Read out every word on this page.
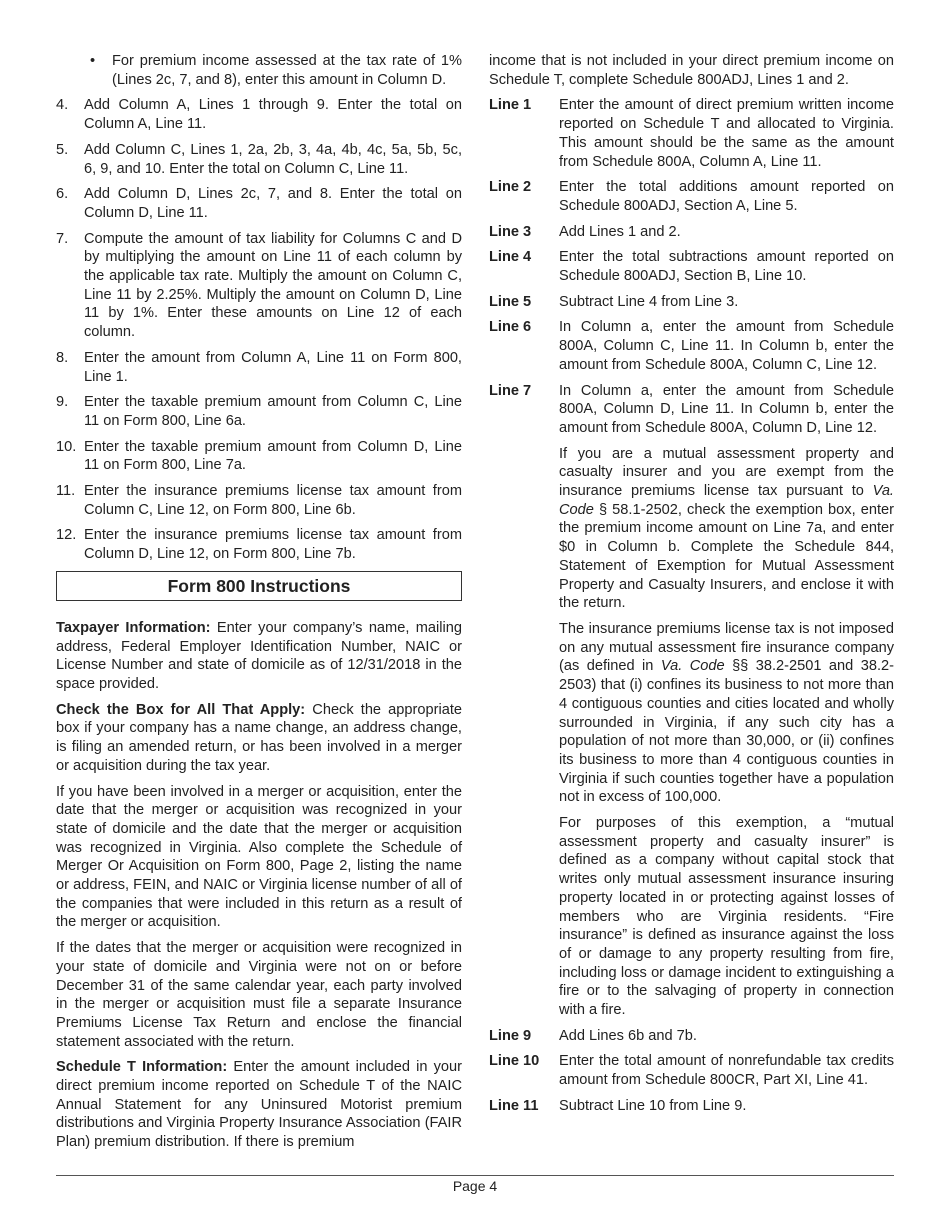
• For premium income assessed at the tax rate of 1% (Lines 2c, 7, and 8), enter this amount in Column D.

4.	Add Column A, Lines 1 through 9. Enter the total on Column A, Line 11.
5.	Add Column C, Lines 1, 2a, 2b, 3, 4a, 4b, 4c, 5a, 5b, 5c, 6, 9, and 10. Enter the total on Column C, Line 11.
6.	Add Column D, Lines 2c, 7, and 8. Enter the total on Column D, Line 11.
7.	Compute the amount of tax liability for Columns C and D by multiplying the amount on Line 11 of each column by the applicable tax rate. Multiply the amount on Column C, Line 11 by 2.25%. Multiply the amount on Column D, Line 11 by 1%. Enter these amounts on Line 12 of each column.
8.	Enter the amount from Column A, Line 11 on Form 800, Line 1.
9.	Enter the taxable premium amount from Column C, Line 11 on Form 800, Line 6a.
10. Enter the taxable premium amount from Column D, Line 11 on Form 800, Line 7a.
11. Enter the insurance premiums license tax amount from Column C, Line 12, on Form 800, Line 6b.
12. Enter the insurance premiums license tax amount from Column D, Line 12, on Form 800, Line 7b.
Form 800 Instructions

Taxpayer Information: Enter your company’s name, mailing address, Federal Employer Identification Number, NAIC or License Number and state of domicile as of 12/31/2018 in the space provided.

Check the Box for All That Apply: Check the appropriate box if your company has a name change, an address change, is filing an amended return, or has been involved in a merger or acquisition during the tax year.

If you have been involved in a merger or acquisition, enter the date that the merger or acquisition was recognized in your state of domicile and the date that the merger or acquisition was recognized in Virginia. Also complete the Schedule of Merger Or Acquisition on Form 800, Page 2, listing the name or address, FEIN, and NAIC or Virginia license number of all of the companies that were included in this return as a result of the merger or acquisition.

If the dates that the merger or acquisition were recognized in your state of domicile and Virginia were not on or before December 31 of the same calendar year, each party involved in the merger or acquisition must file a separate Insurance Premiums License Tax Return and enclose the financial statement associated with the return.

Schedule T Information: Enter the amount included in your direct premium income reported on Schedule T of the NAIC Annual Statement for any Uninsured Motorist premium distributions and Virginia Property Insurance Association (FAIR Plan) premium distribution. If there is premium

income that is not included in your direct premium income on Schedule T, complete Schedule 800ADJ, Lines 1 and 2.

Line 1	Enter the amount of direct premium written income reported on Schedule T and allocated to Virginia. This amount should be the same as the amount from Schedule 800A, Column A, Line 11.
Line 2	Enter the total additions amount reported on Schedule 800ADJ, Section A, Line 5.
Line 3	Add Lines 1 and 2.
Line 4	Enter the total subtractions amount reported on Schedule 800ADJ, Section B, Line 10.
Line 5	Subtract Line 4 from Line 3.
Line 6	In Column a, enter the amount from Schedule 800A, Column C, Line 11. In Column b, enter the amount from Schedule 800A, Column C, Line 12.
Line 7	In Column a, enter the amount from Schedule 800A, Column D, Line 11. In Column b, enter the amount from Schedule 800A, Column D, Line 12.

If you are a mutual assessment property and casualty insurer and you are exempt from the insurance premiums license tax pursuant to Va. Code § 58.1-2502, check the exemption box, enter the premium income amount on Line 7a, and enter $0 in Column b. Complete the Schedule 844, Statement of Exemption for Mutual Assessment Property and Casualty Insurers, and enclose it with the return.

The insurance premiums license tax is not imposed on any mutual assessment fire insurance company (as defined in Va. Code §§ 38.2-2501 and 38.2-2503) that (i) confines its business to not more than 4 contiguous counties and cities located and wholly surrounded in Virginia, if any such city has a population of not more than 30,000, or (ii) confines its business to more than 4 contiguous counties in Virginia if such counties together have a population not in excess of 100,000.

For purposes of this exemption, a “mutual assessment property and casualty insurer” is defined as a company without capital stock that writes only mutual assessment insurance insuring property located in or protecting against losses of members who are Virginia residents. “Fire insurance” is defined as insurance against the loss of or damage to any property resulting from fire, including loss or damage incident to extinguishing a fire or to the salvaging of property in connection with a fire.

Line 9	Add Lines 6b and 7b.
Line 10	Enter the total amount of nonrefundable tax credits amount from Schedule 800CR, Part XI, Line 41.
Line 11	Subtract Line 10 from Line 9.
Page 4
